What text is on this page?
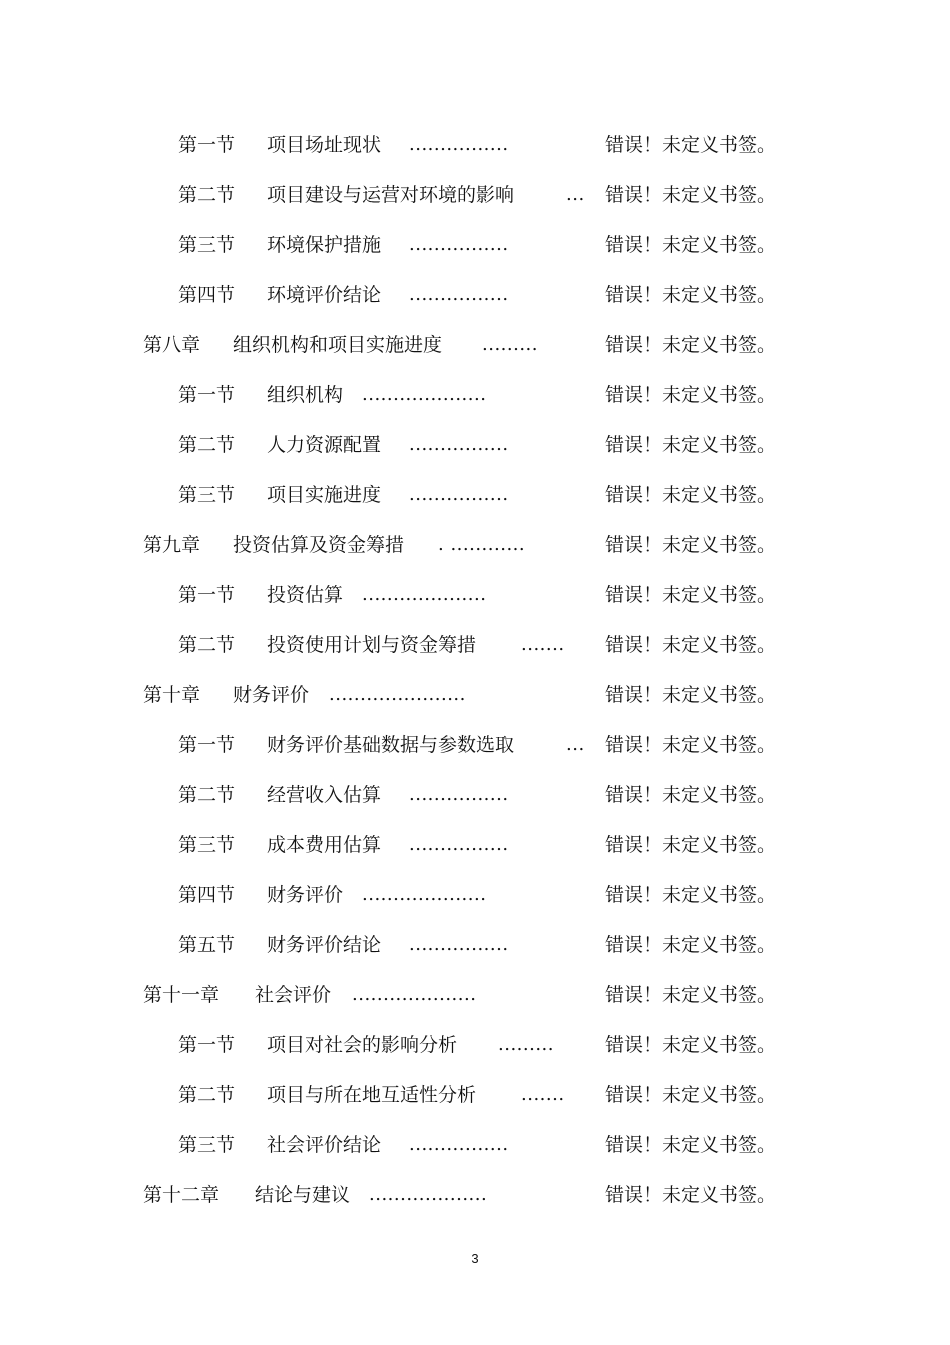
第一节 项目场址现状 ................	错误！未定义书签。
第二节 项目建设与运营对环境的影响	... 错误！未定义书签。
第三节 环境保护措施 ................	错误！未定义书签。
第四节 环境评价结论 ................	错误！未定义书签。
第八章 组织机构和项目实施进度 .........	错误！未定义书签。
第一节 组织机构 ....................	错误！未定义书签。
第二节 人力资源配置 ................	错误！未定义书签。
第三节 项目实施进度 ................	错误！未定义书签。
第九章 投资估算及资金筹措 . ............	错误！未定义书签。
第一节 投资估算 ....................	错误！未定义书签。
第二节 投资使用计划与资金筹措 ....... 错误！未定义书签。
第十章 财务评价 ......................	错误！未定义书签。
第一节 财务评价基础数据与参数选取	... 错误！未定义书签。
第二节 经营收入估算 ................	错误！未定义书签。
第三节 成本费用估算 ................	错误！未定义书签。
第四节 财务评价 ....................	错误！未定义书签。
第五节 财务评价结论 ................	错误！未定义书签。
第十一章 社会评价 ....................	错误！未定义书签。
第一节 项目对社会的影响分析 .........	错误！未定义书签。
第二节 项目与所在地互适性分析 ....... 错误！未定义书签。
第三节 社会评价结论 ................	错误！未定义书签。
第十二章 结论与建议 ...................	错误！未定义书签。
3
